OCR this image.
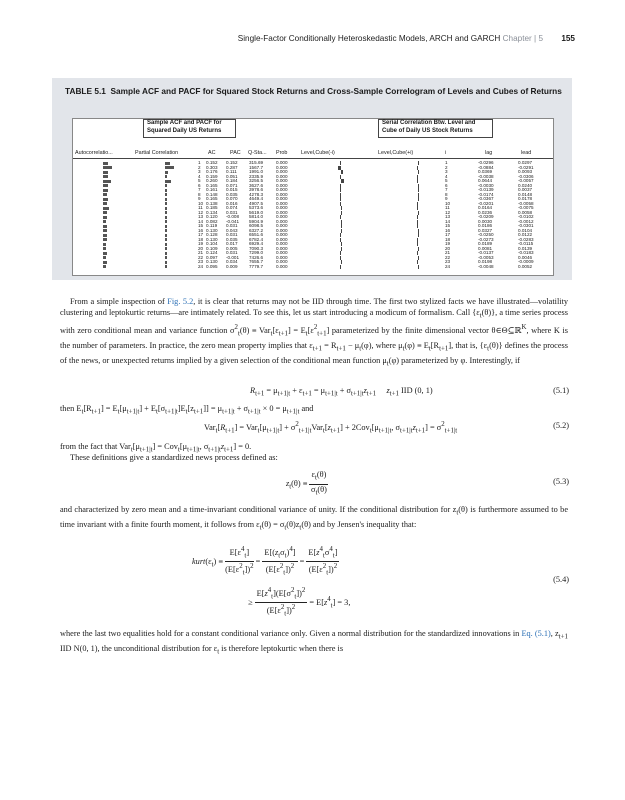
Single-Factor Conditionally Heteroskedastic Models, ARCH and GARCH Chapter | 5 155
TABLE 5.1 Sample ACF and PACF for Squared Stock Returns and Cross-Sample Correlogram of Levels and Cubes of Returns
Sample ACF and PACF for Squared Daily US Returns
Serial Correlation Btw. Level and Cube of Daily US Stock Returns
Autocorrelatio...	Partial Correlation	AC	PAC Q-Sta... Prob	Level,Cube(-i)	Level,Cube(+i)	i	lag	lead
1 0.152 0.152	315.69	0.000	1	-0.0296	0.0297
2 0.303 0.287	1567.7	0.000	2	-0.0884	-0.0291
3 0.176 0.111	1991.0	0.000	3	0.0369	0.0093
4 0.159 0.051	2335.9	0.000	4	-0.0038	-0.0306
5 0.260 0.184	3256.5	0.000	5	0.0644	-0.0057
6 0.165 0.071	3627.6	0.000	6	-0.0030	0.0240
7 0.161 0.015	3978.6	0.000	7	-0.0139	0.0037
8 0.148 0.035	4278.3	0.000	8	-0.0174	0.0148
9 0.165 0.070	4649.4	0.000	9	-0.0367	0.0178
10 0.138 0.016	4907.5	0.000	10	-0.0201	-0.0058
11 0.185 0.074	5373.6	0.000	11	0.0164	-0.0075
12 0.134 0.031	5619.0	0.000	12	0.0236	0.0058
13 0.120 -0.008 5814.0	0.000	13	-0.0209	-0.0102
14 0.082 -0.041 5904.9	0.000	14	0.0030	-0.0012
15 0.119 0.031	6098.5	0.000	15	0.0186	-0.0301
16 0.130 0.043	6327.2	0.000	16	0.0327	0.0104
17 0.128 0.031	6551.6	0.000	17	-0.0250	0.0122
18 0.130 0.035	6782.4	0.000	18	-0.0273	-0.0283
19 0.104 0.017	6929.4	0.000	19	0.0189	-0.0115
20 0.109 0.005	7090.3	0.000	20	0.0081	0.0139
21 0.124 0.031	7299.0	0.000	21	-0.0137	-0.0183
22 0.097 -0.001 7426.6	0.000	22	-0.0053	0.0046
23 0.130 0.034	7655.7	0.000	23	0.0198	-0.0009
24 0.095 0.009	7779.7	0.000	24	-0.0048	0.0052
From a simple inspection of Fig. 5.2, it is clear that returns may not be IID through time. The first two stylized facts we have illustrated—volatility clustering and leptokurtic returns—are intimately related. To see this, let us start introducing a modicum of formalism. Call $\{\varepsilon_t(\theta)\}$, a time series process with zero conditional mean and variance function $\sigma^2_t(\theta) \equiv Var_t[\varepsilon_{t+1}] = E_t[\varepsilon^2_{t+1}]$ parameterized by the finite dimensional vector θ∈Θ⊆ℝ$^K$, where K is the number of parameters. In practice, the zero mean property implies that $\varepsilon_{t+1} = R_{t+1} - \mu_t(\varphi)$, where $\mu_t(\varphi) \equiv E_t[R_{t+1}]$, that is, $\{\varepsilon_t(\theta)\}$ defines the process of the news, or unexpected returns implied by a given selection of the conditional mean function $\mu_t(\varphi)$ parameterized by φ. Interestingly, if
$R_{t+1} = \mu_{t+1|t} + \varepsilon_{t+1} = \mu_{t+1|t} + \sigma_{t+1|t}z_{t+1}$ $z_{t+1}$ IID (0, 1)	(5.1)
then $E_t[R_{t+1}] = E_t[\mu_{t+1|t}] + E_t[\sigma_{t+1|t}]E_t[z_{t+1}]] = \mu_{t+1|t} + \sigma_{t+1|t} \times 0 = \mu_{t+1|t}$ and
$Var_t[R_{t+1}] = Var_t[\mu_{t+1|t}] + \sigma^2_{t+1|t}Var_t[z_{t+1}] + 2Cov_t[\mu_{t+1|t}$, $\sigma_{t+1|t}z_{t+1}] = \sigma^2_{t+1|t}$
(5.2)
from the fact that $Var_t[\mu_{t+1|t}] = Cov_t[\mu_{t+1|t}$, $\sigma_{t+1|t}z_{t+1}] = 0$.
These definitions give a standardized news process defined as:
$z_t(\theta) \equiv \frac{\varepsilon_t(\theta)}{\sigma_t(\theta)}$	(5.3)
and characterized by zero mean and a time-invariant conditional variance of unity. If the conditional distribution for $z_t(\theta)$ is furthermore assumed to be time invariant with a finite fourth moment, it follows from $\varepsilon_t(\theta) = \sigma_t(\theta)z_t(\theta)$ and by Jensen's inequality that:
$kurt(\varepsilon_t) \equiv \frac{E[\varepsilon^4_t]}{(E[\varepsilon^2_t])^2} = \frac{E[(z_t\sigma_t)^4]}{(E[\varepsilon^2_t])^2} = \frac{E[z^4_t\sigma^4_t]}{(E[\varepsilon^2_t])^2}$
≥ $\frac{E[z^4_t](E[\sigma^2_t])^2}{(E[\varepsilon^2_t])^2} = E[z^4_t] = 3$,
(5.4)
where the last two equalities hold for a constant conditional variance only. Given a normal distribution for the standardized innovations in Eq. (5.1), $z_{t+1}$ IID N(0, 1), the unconditional distribution for $\varepsilon_t$ is therefore leptokurtic when there is
